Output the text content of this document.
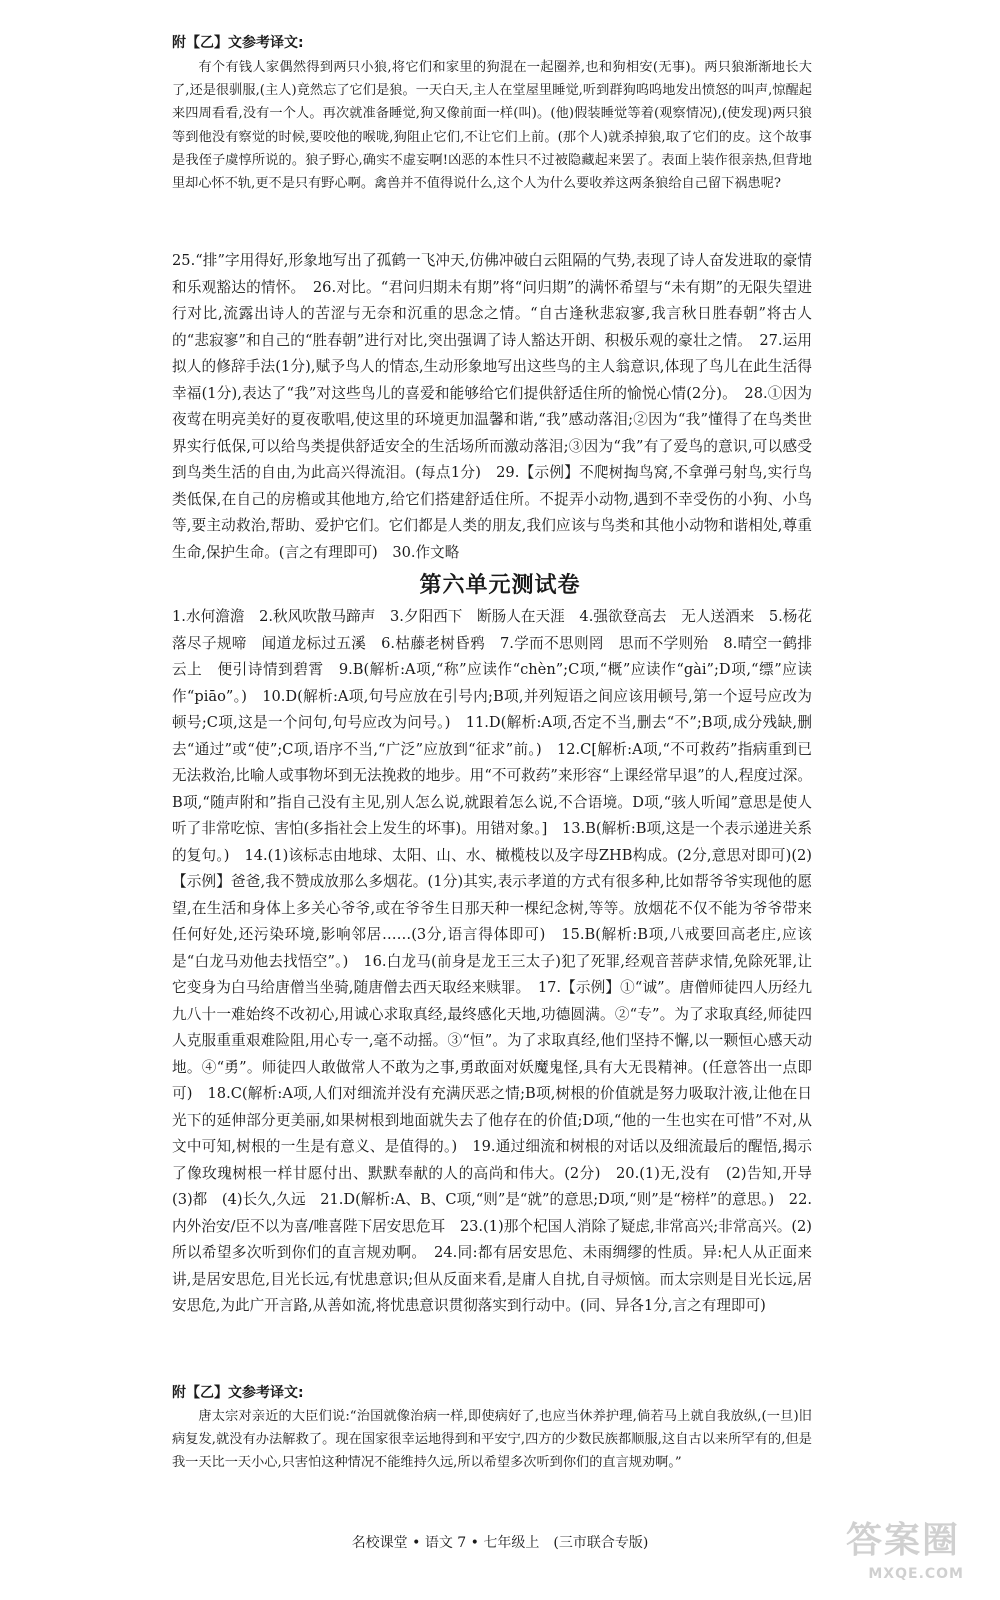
附【乙】文参考译文:

有个有钱人家偶然得到两只小狼,将它们和家里的狗混在一起圈养,也和狗相安(无事)。两只狼渐渐地长大了,还是很驯服,(主人)竟然忘了它们是狼。一天白天,主人在堂屋里睡觉,听到群狗呜呜地发出愤怒的叫声,惊醒起来四周看看,没有一个人。再次就准备睡觉,狗又像前面一样(叫)。(他)假装睡觉等着(观察情况),(使发现)两只狼等到他没有察觉的时候,要咬他的喉咙,狗阻止它们,不让它们上前。(那个人)就杀掉狼,取了它们的皮。这个故事是我侄子虞惇所说的。狼子野心,确实不虚妄啊!凶恶的本性只不过被隐藏起来罢了。表面上装作很亲热,但背地里却心怀不轨,更不是只有野心啊。禽兽并不值得说什么,这个人为什么要收养这两条狼给自己留下祸患呢?

25.“排”字用得好,形象地写出了孤鹤一飞冲天,仿佛冲破白云阻隔的气势,表现了诗人奋发进取的豪情和乐观豁达的情怀。　26.对比。“君问归期未有期”将“问归期”的满怀希望与“未有期”的无限失望进行对比,流露出诗人的苦涩与无奈和沉重的思念之情。“自古逢秋悲寂寥,我言秋日胜春朝”将古人的“悲寂寥”和自己的“胜春朝”进行对比,突出强调了诗人豁达开朗、积极乐观的豪壮之情。　27.运用拟人的修辞手法(1分),赋予鸟人的情态,生动形象地写出这些鸟的主人翁意识,体现了鸟儿在此生活得幸福(1分),表达了“我”对这些鸟儿的喜爱和能够给它们提供舒适住所的愉悦心情(2分)。　28.①因为夜莺在明亮美好的夏夜歌唱,使这里的环境更加温馨和谐,“我”感动落泪;②因为“我”懂得了在鸟类世界实行低保,可以给鸟类提供舒适安全的生活场所而激动落泪;③因为“我”有了爱鸟的意识,可以感受到鸟类生活的自由,为此高兴得流泪。(每点1分)　29.【示例】不爬树掏鸟窝,不拿弹弓射鸟,实行鸟类低保,在自己的房檐或其他地方,给它们搭建舒适住所。不捉弄小动物,遇到不幸受伤的小狗、小鸟等,要主动救治,帮助、爱护它们。它们都是人类的朋友,我们应该与鸟类和其他小动物和谐相处,尊重生命,保护生命。(言之有理即可)　30.作文略

第六单元测试卷

1.水何澹澹　2.秋风吹散马蹄声　3.夕阳西下　断肠人在天涯　4.强欲登高去　无人送酒来　5.杨花落尽子规啼　闻道龙标过五溪　6.枯藤老树昏鸦　7.学而不思则罔　思而不学则殆　8.晴空一鹤排云上　便引诗情到碧霄　9.B(解析:A项,“称”应读作“chèn”;C项,“概”应读作“gài”;D项,“缥”应读作“piāo”。)　10.D(解析:A项,句号应放在引号内;B项,并列短语之间应该用顿号,第一个逗号应改为顿号;C项,这是一个问句,句号应改为问号。)　11.D(解析:A项,否定不当,删去“不”;B项,成分残缺,删去“通过”或“使”;C项,语序不当,“广泛”应放到“征求”前。)　12.C[解析:A项,“不可救药”指病重到已无法救治,比喻人或事物坏到无法挽救的地步。用“不可救药”来形容“上课经常早退”的人,程度过深。B项,“随声附和”指自己没有主见,别人怎么说,就跟着怎么说,不合语境。D项,“骇人听闻”意思是使人听了非常吃惊、害怕(多指社会上发生的坏事)。用错对象。]　13.B(解析:B项,这是一个表示递进关系的复句。)　14.(1)该标志由地球、太阳、山、水、橄榄枝以及字母ZHB构成。(2分,意思对即可)(2)【示例】爸爸,我不赞成放那么多烟花。(1分)其实,表示孝道的方式有很多种,比如帮爷爷实现他的愿望,在生活和身体上多关心爷爷,或在爷爷生日那天种一棵纪念树,等等。放烟花不仅不能为爷爷带来任何好处,还污染环境,影响邻居……(3分,语言得体即可)　15.B(解析:B项,八戒要回高老庄,应该是“白龙马劝他去找悟空”。)　16.白龙马(前身是龙王三太子)犯了死罪,经观音菩萨求情,免除死罪,让它变身为白马给唐僧当坐骑,随唐僧去西天取经来赎罪。　17.【示例】①“诚”。唐僧师徒四人历经九九八十一难始终不改初心,用诚心求取真经,最终感化天地,功德圆满。②“专”。为了求取真经,师徒四人克服重重艰难险阻,用心专一,毫不动摇。③“恒”。为了求取真经,他们坚持不懈,以一颗恒心感天动地。④“勇”。师徒四人敢做常人不敢为之事,勇敢面对妖魔鬼怪,具有大无畏精神。(任意答出一点即可)　18.C(解析:A项,人们对细流并没有充满厌恶之情;B项,树根的价值就是努力吸取汁液,让他在日光下的延伸部分更美丽,如果树根到地面就失去了他存在的价值;D项,“他的一生也实在可惜”不对,从文中可知,树根的一生是有意义、是值得的。)　19.通过细流和树根的对话以及细流最后的醒悟,揭示了像玫瑰树根一样甘愿付出、默默奉献的人的高尚和伟大。(2分)　20.(1)无,没有　(2)告知,开导　(3)都　(4)长久,久远　21.D(解析:A、B、C项,“则”是“就”的意思;D项,“则”是“榜样”的意思。)　22.内外治安/臣不以为喜/唯喜陛下居安思危耳　23.(1)那个杞国人消除了疑虑,非常高兴;非常高兴。(2)所以希望多次听到你们的直言规劝啊。　24.同:都有居安思危、未雨绸缪的性质。异:杞人从正面来讲,是居安思危,目光长远,有忧患意识;但从反面来看,是庸人自扰,自寻烦恼。而太宗则是目光长远,居安思危,为此广开言路,从善如流,将忧患意识贯彻落实到行动中。(同、异各1分,言之有理即可)

附【乙】文参考译文:

唐太宗对亲近的大臣们说:“治国就像治病一样,即使病好了,也应当休养护理,倘若马上就自我放纵,(一旦)旧病复发,就没有办法解救了。现在国家很幸运地得到和平安宁,四方的少数民族都顺服,这自古以来所罕有的,但是我一天比一天小心,只害怕这种情况不能维持久远,所以希望多次听到你们的直言规劝啊。”

名校课堂 • 语文 7 • 七年级上　(三市联合专版)	答案圈
MXQE.COM
